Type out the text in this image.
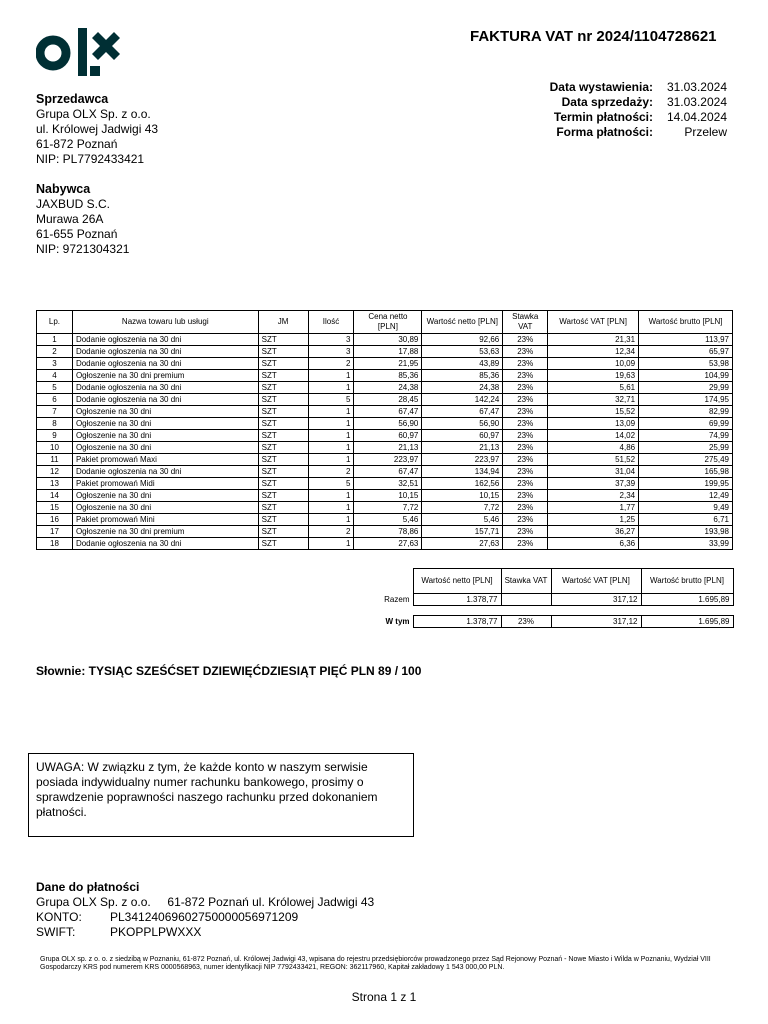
FAKTURA VAT nr 2024/1104728621
Data wystawienia:	31.03.2024
Data sprzedaży:	31.03.2024
Termin płatności:	14.04.2024
Forma płatności:	Przelew
Sprzedawca
Grupa OLX Sp. z o.o.
ul. Królowej Jadwigi 43
61-872 Poznań
NIP: PL7792433421
Nabywca
JAXBUD S.C.
Murawa 26A
61-655 Poznań
NIP: 9721304321
Lp.	Nazwa towaru lub usługi	JM	Ilość	Cena netto [PLN]	Wartość netto [PLN]	Stawka VAT	Wartość VAT [PLN]	Wartość brutto [PLN]
1	Dodanie ogłoszenia na 30 dni	SZT	3	30,89	92,66	23%	21,31	113,97
2	Dodanie ogłoszenia na 30 dni	SZT	3	17,88	53,63	23%	12,34	65,97
3	Dodanie ogłoszenia na 30 dni	SZT	2	21,95	43,89	23%	10,09	53,98
4	Ogłoszenie na 30 dni premium	SZT	1	85,36	85,36	23%	19,63	104,99
5	Dodanie ogłoszenia na 30 dni	SZT	1	24,38	24,38	23%	5,61	29,99
6	Dodanie ogłoszenia na 30 dni	SZT	5	28,45	142,24	23%	32,71	174,95
7	Ogłoszenie na 30 dni	SZT	1	67,47	67,47	23%	15,52	82,99
8	Ogłoszenie na 30 dni	SZT	1	56,90	56,90	23%	13,09	69,99
9	Ogłoszenie na 30 dni	SZT	1	60,97	60,97	23%	14,02	74,99
10	Ogłoszenie na 30 dni	SZT	1	21,13	21,13	23%	4,86	25,99
11	Pakiet promowań Maxi	SZT	1	223,97	223,97	23%	51,52	275,49
12	Dodanie ogłoszenia na 30 dni	SZT	2	67,47	134,94	23%	31,04	165,98
13	Pakiet promowań Midi	SZT	5	32,51	162,56	23%	37,39	199,95
14	Ogłoszenie na 30 dni	SZT	1	10,15	10,15	23%	2,34	12,49
15	Ogłoszenie na 30 dni	SZT	1	7,72	7,72	23%	1,77	9,49
16	Pakiet promowań Mini	SZT	1	5,46	5,46	23%	1,25	6,71
17	Ogłoszenie na 30 dni premium	SZT	2	78,86	157,71	23%	36,27	193,98
18	Dodanie ogłoszenia na 30 dni	SZT	1	27,63	27,63	23%	6,36	33,99
	Wartość netto [PLN]	Stawka VAT	Wartość VAT [PLN]	Wartość brutto [PLN]
Razem	1.378,77		317,12	1.695,89

W tym	1.378,77	23%	317,12	1.695,89
Słownie: TYSIĄC SZEŚĆSET DZIEWIĘĆDZIESIĄT PIĘĆ PLN 89 / 100
UWAGA: W związku z tym, że każde konto w naszym serwisie posiada indywidualny numer rachunku bankowego, prosimy o sprawdzenie poprawności naszego rachunku przed dokonaniem płatności.
Dane do płatności
Grupa OLX Sp. z o.o.     61-872 Poznań ul. Królowej Jadwigi 43
KONTO: PL34124069602750000056971209
SWIFT:	PKOPPLPWXXX
Grupa OLX sp. z o. o. z siedzibą w Poznaniu, 61-872 Poznań, ul. Królowej Jadwigi 43, wpisana do rejestru przedsiębiorców prowadzonego przez Sąd Rejonowy Poznań - Nowe Miasto i Wilda w Poznaniu, Wydział VIII Gospodarczy KRS pod numerem KRS 0000568963, numer identyfikacji NIP 7792433421, REGON: 362117960, Kapitał zakładowy 1 543 000,00 PLN.
Strona 1 z 1
